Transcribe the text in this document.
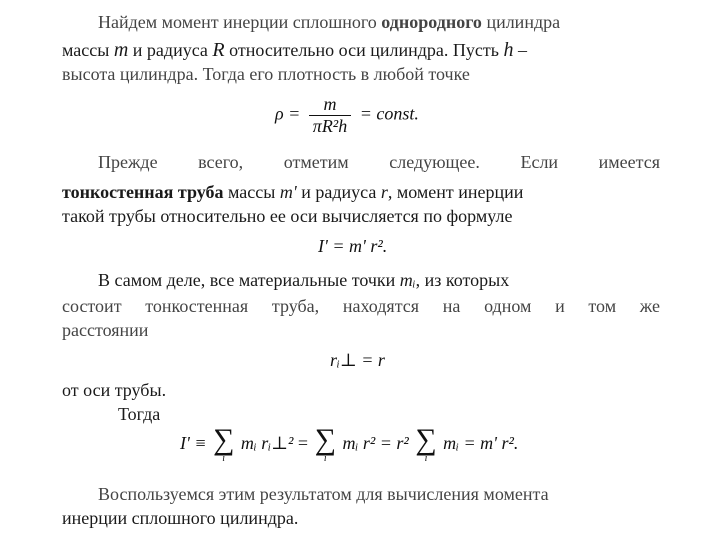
Найдем момент инерции сплошного однородного цилиндра
массы m и радиуса R относительно оси цилиндра. Пусть h –
высота цилиндра. Тогда его плотность в любой точке
$\rho = \frac{m}{\text{πR²h}}$ = const.
Прежде всего, отметим следующее. Если имеется
тонкостенная труба массы m' и радиуса r, момент инерции
такой трубы относительно ее оси вычисляется по формуле
I' = m' r².
В самом деле, все материальные точки mᵢ, из которых
состоит тонкостенная труба, находятся на одном и том же
расстоянии
rᵢ⊥ = r
от оси трубы.
Тогда
I' ≡ ∑
i
mᵢ rᵢ⊥² = ∑
i
mᵢ r² = r² ∑
i
mᵢ = m' r².
Воспользуемся этим результатом для вычисления момента
инерции сплошного цилиндра.
